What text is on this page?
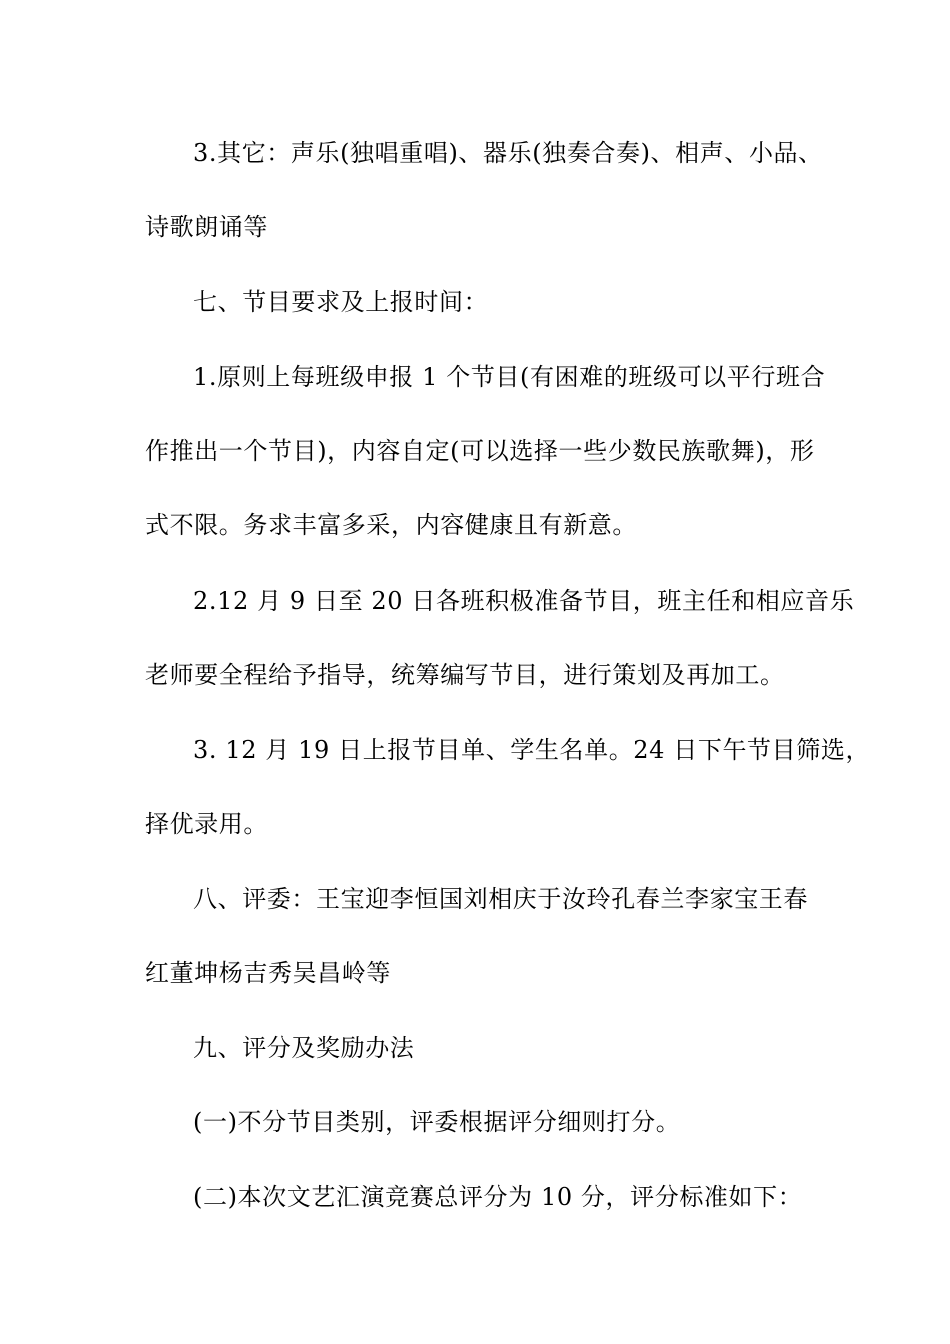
3.其它：声乐(独唱重唱)、器乐(独奏合奏)、相声、小品、
诗歌朗诵等
七、节目要求及上报时间：
1.原则上每班级申报 1 个节目(有困难的班级可以平行班合
作推出一个节目)，内容自定(可以选择一些少数民族歌舞)，形
式不限。务求丰富多采，内容健康且有新意。
2.12 月 9 日至 20 日各班积极准备节目，班主任和相应音乐
老师要全程给予指导，统筹编写节目，进行策划及再加工。
3. 12 月 19 日上报节目单、学生名单。24 日下午节目筛选，
择优录用。
八、评委：王宝迎李恒国刘相庆于汝玲孔春兰李家宝王春
红董坤杨吉秀吴昌岭等
九、评分及奖励办法
(一)不分节目类别，评委根据评分细则打分。
(二)本次文艺汇演竞赛总评分为 10 分，评分标准如下：
